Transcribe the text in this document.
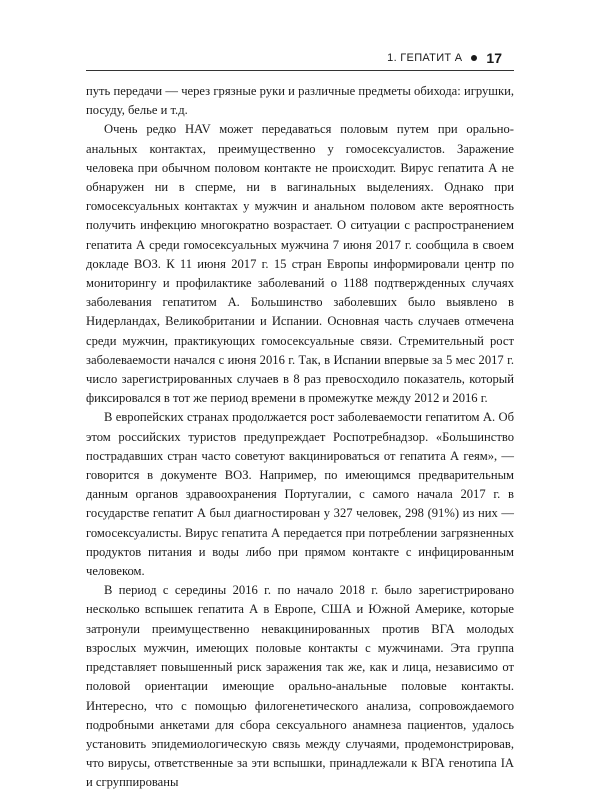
1. ГЕПАТИТ А 17

путь передачи — через грязные руки и различные предметы обихода: игрушки, посуду, белье и т.д.

Очень редко HAV может передаваться половым путем при орально-анальных контактах, преимущественно у гомосексуалистов. Заражение человека при обычном половом контакте не происходит. Вирус гепатита А не обнаружен ни в сперме, ни в вагинальных выделениях. Однако при гомосексуальных контактах у мужчин и анальном половом акте вероятность получить инфекцию многократно возрастает. О ситуации с распространением гепатита А среди гомосексуальных мужчина 7 июня 2017 г. сообщила в своем докладе ВОЗ. К 11 июня 2017 г. 15 стран Европы информировали центр по мониторингу и профилактике заболеваний о 1188 подтвержденных случаях заболевания гепатитом А. Большинство заболевших было выявлено в Нидерландах, Великобритании и Испании. Основная часть случаев отмечена среди мужчин, практикующих гомосексуальные связи. Стремительный рост заболеваемости начался с июня 2016 г. Так, в Испании впервые за 5 мес 2017 г. число зарегистрированных случаев в 8 раз превосходило показатель, который фиксировался в тот же период времени в промежутке между 2012 и 2016 г.

В европейских странах продолжается рост заболеваемости гепатитом А. Об этом российских туристов предупреждает Роспотребнадзор. «Большинство пострадавших стран часто советуют вакцинироваться от гепатита А геям», — говорится в документе ВОЗ. Например, по имеющимся предварительным данным органов здравоохранения Португалии, с самого начала 2017 г. в государстве гепатит А был диагностирован у 327 человек, 298 (91%) из них — гомосексуалисты. Вирус гепатита А передается при потреблении загрязненных продуктов питания и воды либо при прямом контакте с инфицированным человеком.

В период с середины 2016 г. по начало 2018 г. было зарегистрировано несколько вспышек гепатита А в Европе, США и Южной Америке, которые затронули преимущественно невакцинированных против ВГА молодых взрослых мужчин, имеющих половые контакты с мужчинами. Эта группа представляет повышенный риск заражения так же, как и лица, независимо от половой ориентации имеющие орально-анальные половые контакты. Интересно, что с помощью филогенетического анализа, сопровождаемого подробными анкетами для сбора сексуального анамнеза пациентов, удалось установить эпидемиологическую связь между случаями, продемонстрировав, что вирусы, ответственные за эти вспышки, принадлежали к ВГА генотипа IA и сгруппированы
